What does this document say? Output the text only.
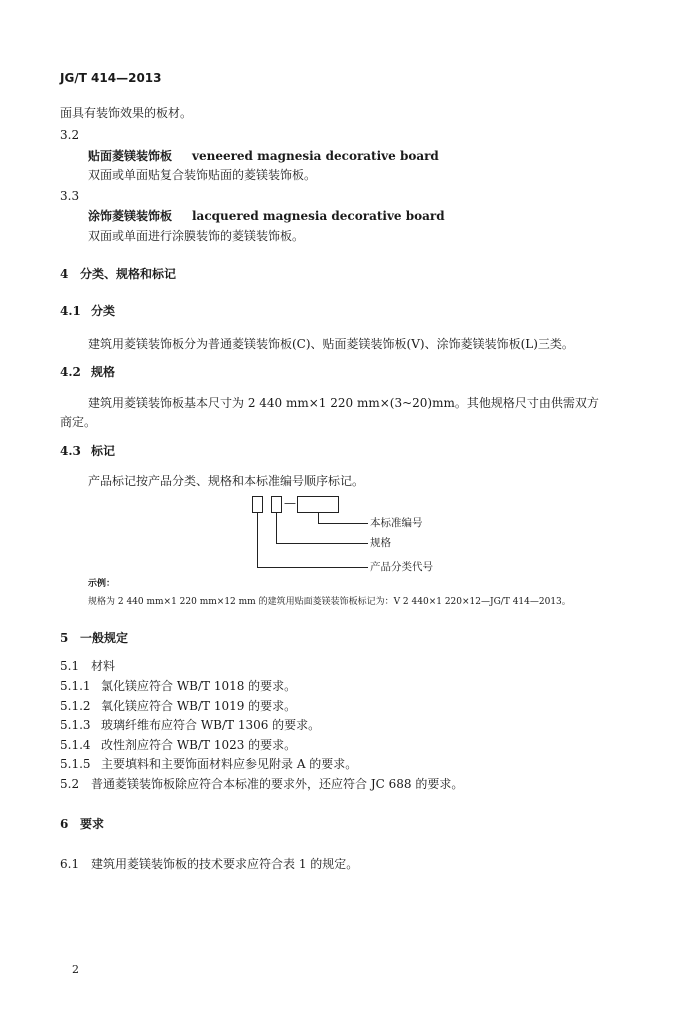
JG/T 414—2013
面具有装饰效果的板材。
3.2
贴面菱镁装饰板 veneered magnesia decorative board
双面或单面贴复合装饰贴面的菱镁装饰板。
3.3
涂饰菱镁装饰板 lacquered magnesia decorative board
双面或单面进行涂膜装饰的菱镁装饰板。
4 分类、规格和标记
4.1 分类
建筑用菱镁装饰板分为普通菱镁装饰板(C)、贴面菱镁装饰板(V)、涂饰菱镁装饰板(L)三类。
4.2 规格
建筑用菱镁装饰板基本尺寸为 2 440 mm×1 220 mm×(3~20)mm。其他规格尺寸由供需双方
商定。
4.3 标记
产品标记按产品分类、规格和本标准编号顺序标记。
—
本标准编号
规格
产品分类代号
示例：
规格为 2 440 mm×1 220 mm×12 mm 的建筑用贴面菱镁装饰板标记为：V 2 440×1 220×12—JG/T 414—2013。
5 一般规定
5.1 材料
5.1.1 氯化镁应符合 WB/T 1018 的要求。
5.1.2 氧化镁应符合 WB/T 1019 的要求。
5.1.3 玻璃纤维布应符合 WB/T 1306 的要求。
5.1.4 改性剂应符合 WB/T 1023 的要求。
5.1.5 主要填料和主要饰面材料应参见附录 A 的要求。
5.2 普通菱镁装饰板除应符合本标准的要求外，还应符合 JC 688 的要求。
6 要求
6.1 建筑用菱镁装饰板的技术要求应符合表 1 的规定。
2
